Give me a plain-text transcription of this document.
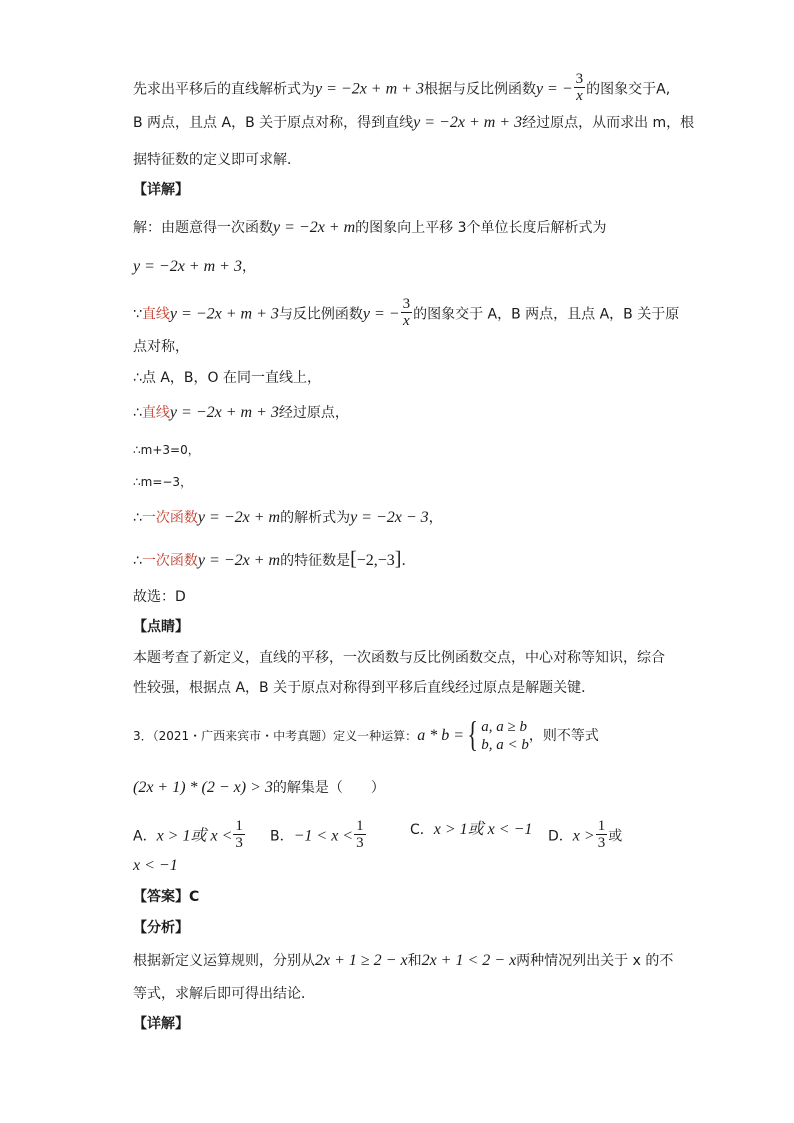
先求出平移后的直线解析式为y = −2x + m + 3根据与反比例函数y = − $\frac{3}{x}$ 的图象交于A,
B 两点，且点 A，B 关于原点对称，得到直线y = −2x + m + 3经过原点，从而求出 m，根
据特征数的定义即可求解．
【详解】
解：由题意得一次函数y = −2x + m的图象向上平移 3个单位长度后解析式为
y = −2x + m + 3，
∵直线y = −2x + m + 3与反比例函数y = − $\frac{3}{x}$ 的图象交于 A，B 两点，且点 A，B 关于原
点对称，
∴点 A，B，O 在同一直线上，
∴直线y = −2x + m + 3经过原点，
∴m+3=0，
∴m=−3，
∴一次函数y = −2x + m的解析式为y = −2x − 3，
∴一次函数y = −2x + m的特征数是[−2,−3]．
故选：D
【点睛】
本题考查了新定义，直线的平移，一次函数与反比例函数交点，中心对称等知识，综合
性较强，根据点 A，B 关于原点对称得到平移后直线经过原点是解题关键．
3．（2021・广西来宾市・中考真题）定义一种运算：a * b ={ a, a ≥ b
b, a < b
，则不等式
(2x + 1) * (2 − x) > 3的解集是（　　）
A．x > 1或 $x < \frac{1}{3}$ B．$-1 < x < \frac{1}{3}$	C．x > 1或 x < −1 D．$x > \frac{1}{3}$ 或
x < −1
【答案】C
【分析】
根据新定义运算规则，分别从2x + 1 ≥ 2 − x和2x + 1 < 2 − x两种情况列出关于 x 的不
等式，求解后即可得出结论．
【详解】
